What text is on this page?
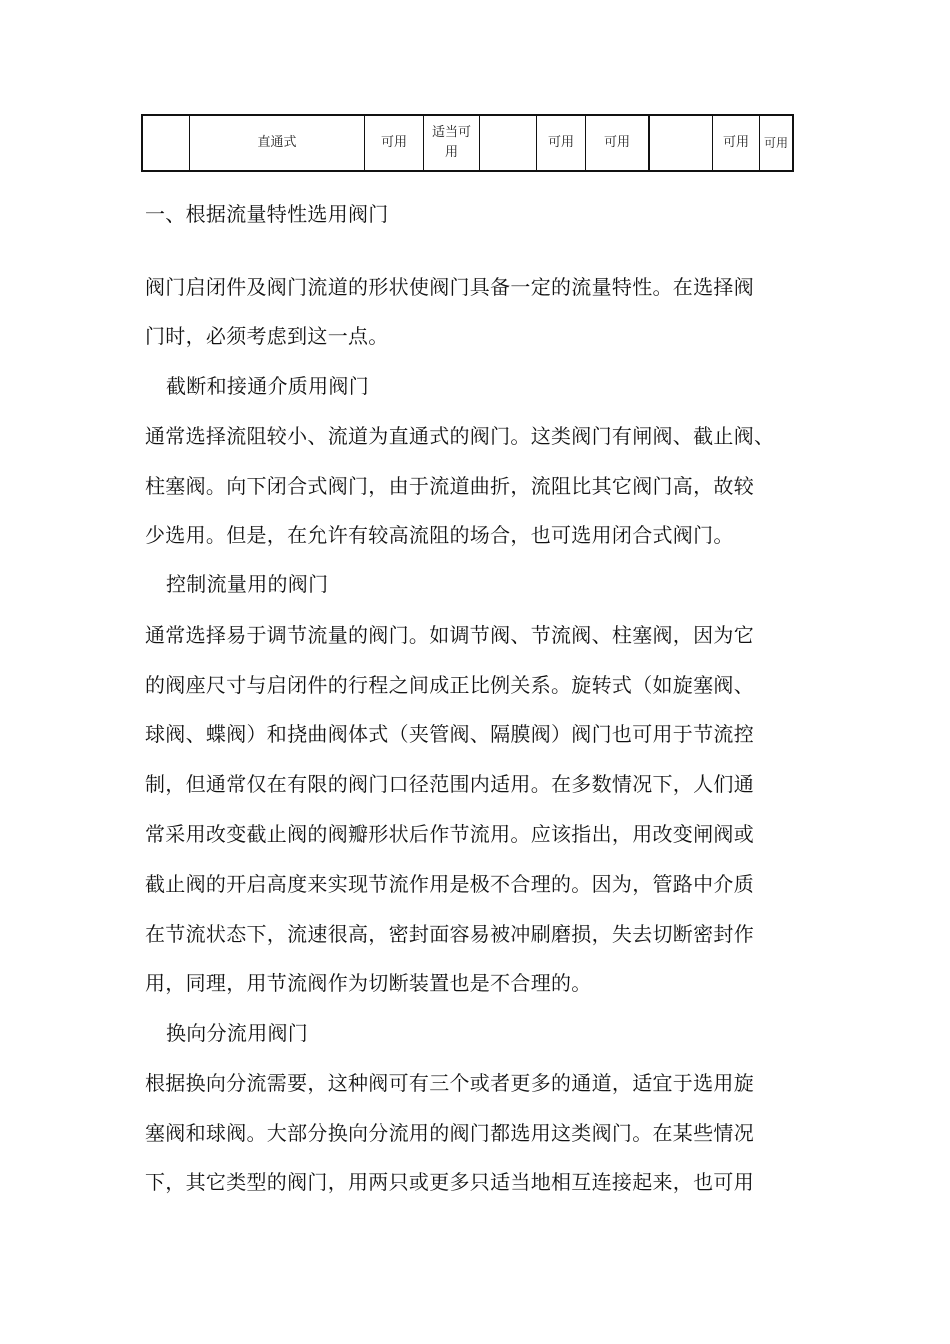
	直通式	可用	适当可用		可用	可用		可用	可用
一、根据流量特性选用阀门
阀门启闭件及阀门流道的形状使阀门具备一定的流量特性。在选择阀
门时，必须考虑到这一点。
截断和接通介质用阀门
通常选择流阻较小、流道为直通式的阀门。这类阀门有闸阀、截止阀、
柱塞阀。向下闭合式阀门，由于流道曲折，流阻比其它阀门高，故较
少选用。但是，在允许有较高流阻的场合，也可选用闭合式阀门。
控制流量用的阀门
通常选择易于调节流量的阀门。如调节阀、节流阀、柱塞阀，因为它
的阀座尺寸与启闭件的行程之间成正比例关系。旋转式（如旋塞阀、
球阀、蝶阀）和挠曲阀体式（夹管阀、隔膜阀）阀门也可用于节流控
制，但通常仅在有限的阀门口径范围内适用。在多数情况下，人们通
常采用改变截止阀的阀瓣形状后作节流用。应该指出，用改变闸阀或
截止阀的开启高度来实现节流作用是极不合理的。因为，管路中介质
在节流状态下，流速很高，密封面容易被冲刷磨损，失去切断密封作
用，同理，用节流阀作为切断装置也是不合理的。
换向分流用阀门
根据换向分流需要，这种阀可有三个或者更多的通道，适宜于选用旋
塞阀和球阀。大部分换向分流用的阀门都选用这类阀门。在某些情况
下，其它类型的阀门，用两只或更多只适当地相互连接起来，也可用
